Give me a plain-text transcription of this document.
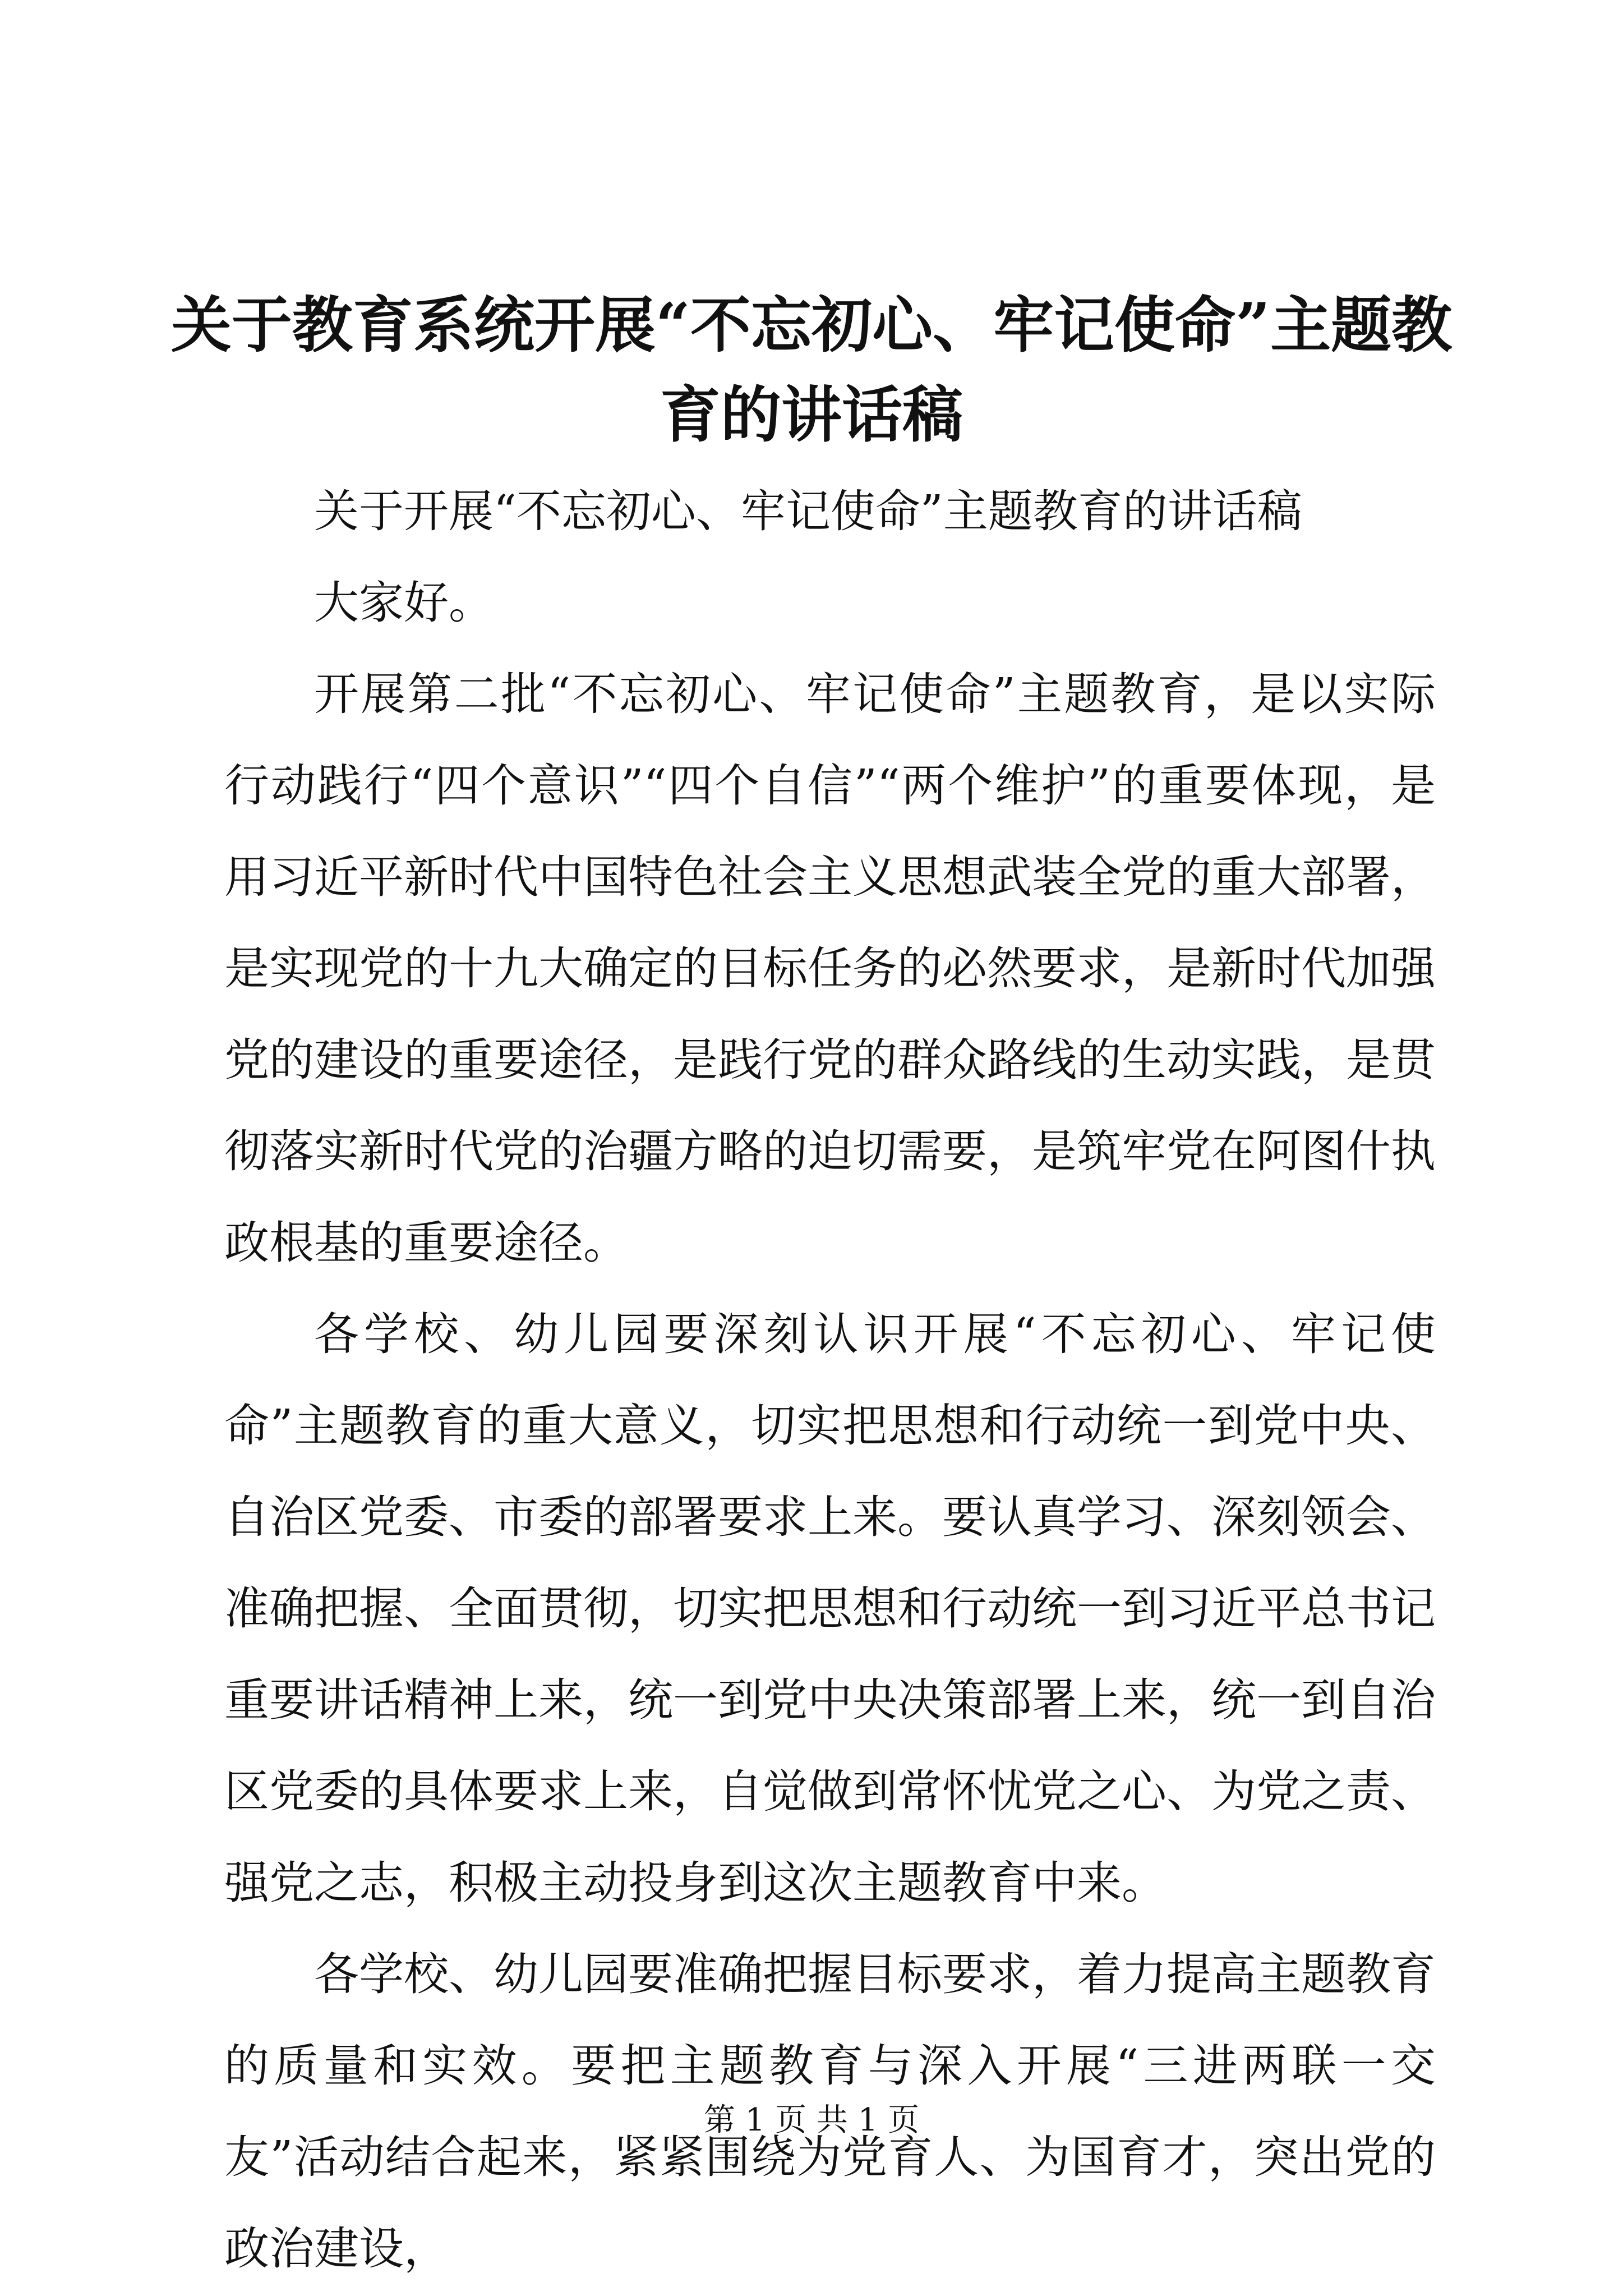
关于教育系统开展“不忘初心、牢记使命”主题教育的讲话稿

关于开展“不忘初心、牢记使命”主题教育的讲话稿

大家好。

开展第二批“不忘初心、牢记使命”主题教育，是以实际行动践行“四个意识”“四个自信”“两个维护”的重要体现，是用习近平新时代中国特色社会主义思想武装全党的重大部署，是实现党的十九大确定的目标任务的必然要求，是新时代加强党的建设的重要途径，是践行党的群众路线的生动实践，是贯彻落实新时代党的治疆方略的迫切需要，是筑牢党在阿图什执政根基的重要途径。

各学校、幼儿园要深刻认识开展“不忘初心、牢记使命”主题教育的重大意义，切实把思想和行动统一到党中央、自治区党委、市委的部署要求上来。要认真学习、深刻领会、准确把握、全面贯彻，切实把思想和行动统一到习近平总书记重要讲话精神上来，统一到党中央决策部署上来，统一到自治区党委的具体要求上来，自觉做到常怀忧党之心、为党之责、强党之志，积极主动投身到这次主题教育中来。

各学校、幼儿园要准确把握目标要求，着力提高主题教育的质量和实效。要把主题教育与深入开展“三进两联一交友”活动结合起来，紧紧围绕为党育人、为国育才，突出党的政治建设，

第 1 页 共 1 页
